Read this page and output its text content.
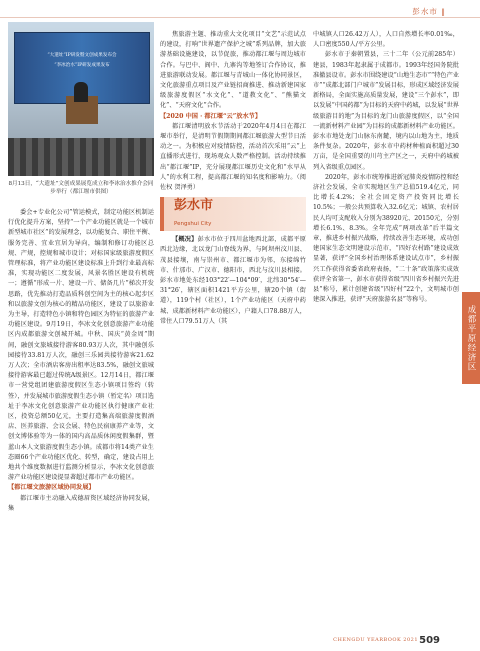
彭水市 ‖
成都平原经济区
“大遗址”IP研发暨文创成果发布会
“李冰治水”IP研发成果发布
8月13日，“大遗址”文创成果展览成立和李冰治水推介会同步举行（都江堰市供图）

委会+专业化公司”管运模式，制定功能区机制运行优化提升方案，坚持“一个产业功能区就是一个城市新型城市社区”的发展理念，以功能复合、职住平衡、服务完善、宜业宜居为导向，编制和修订功能区总规、产规，控规和城市设计；对标国家级旅游度假区管理标准，将产业功能区建设标准上升到行业最高标准，实现功能区二度发展，风景名胜区建设有机统一；遵循“形成一片、建设一片、储备几片”梯次开发思路，优先推动打造品质科创空间为主的核心起步区和以旅游文创为核心的精品功能区，建设了以旅游业为主导，打造特色小镇和特色园区为特征的旅游产业功能区建设。9月19日，李冰文化创意旅游产业功能区内成都旅游文创城开城。中秋、国庆“黄金周”期间，融创文旅城接待游客80.93万人次，其中融创乐园接待33.81万人次，融创三乐园共接待游客21.62万人次；全市酒店客房出租率达83.5%，融创文旅城接待游客最已超过传统A级景区。12月14日，都江堰市一营党组团建旅游度假区生态小镇项目签约（转签），并发展城市旅游度假生态小镇（暂定名）项目选址于李冰文化创意旅游产业功能区执行健康产业社区，投资总额50亿元，主要打造集高端旅游度假酒店、医养旅游、会议会展、特色民宿康养产业等，文创文博体验等为一体的国内高品质休闲度假集群，暨蓝山本人文旅游度假生态小镇。成都市将14类产业生态圈66个产业功能区优化、转型，确定，建设占用上地共个维度数据进行监测分析显示，李冰文化创意旅游产业功能区建设提显著超过都市产业功能区。

【都江堰文旅游区域协同发展】

都江堰市主动融入成德眉资区域经济协同发展，集

焦旅游主题、推动重大文化项目“文艺”示范试点的建设，打响“世界遗产保护之城”系列品牌，加大旅游基础设施建设，以节促旅，推动都江堰与周边城市合作。与巴中、阆中、九寨沟等地签订合作协议，推进旅游联动发展。都江堰与青城山一体化协同景区，文化旅游重点项目及产业链招商推进、推动新建国家级旅游度假区“水文化”、“道教文化”、“熊猫文化”、“天府文化”合作。

【2020 中国 · 都江堰“云”放水节】

都江堰清明放水节活动于2020年4月4日在都江堰市举行，是清明节假期期间都江堰旅游大型节日活动之一。为积极应对疫情防控，活动首次采用“云”上直播形式进行，现场观众人数严格控制。活动持续推出“都江堰”IP，充分展现都江堰历史文化和“水旱从人”的水利工程，提高都江堰的知名度和影响力。（阅佐权 贺泽勇）

彭水市
Pengshui City

【概况】彭水市位于四川盆地西北部，成都平原西北边缘，北以龙门山脊线为界，与阿坝州汶川县、茂县接壤，南与崇州市、都江堰市为邻，东接绵竹市、什邡市、广汉市、德阳市，西北与汶川县相接。彭水市地处东经103°22′—104°09′，北纬30°54′—31°26′，辖区面积1421平方公里，辖20个镇（街道），119个村（社区），1个产业功能区（天府中药城、成都新材料产业功能区），户籍人口78.88万人，常住人口79.51万人（其

中城镇人口26.42万人），人口自然增长率0.01‰，人口密度550人/平方公里。

彭水市于秦朝置县，三十二年（公元前285年）建县，1983年起隶属于成都市。1993年经国务院批准撤县设市。彭水市围绕建设“山地生态市”“特色产业市”“成都北部门户城市”发展目标，形成区域经济发展新格局，全面实施高质量发展，建设“三个彭水”，即以发展“中国药都”为目标的天府中药城，以发展“世界级旅游目的地”为目标的龙门山旅游度假区，以“全国一流新材料产业园”为目标的成都新材料产业功能区。彭水市地处龙门山脉东南麓，境内以山地为主，地质条件复杂。2020年，彭水市中药材种植面积超过30万亩，是全国重要的川芎主产区之一，天府中药城被列入省级重点园区。

2020年，彭水市统筹推进新冠肺炎疫情防控和经济社会发展，全市实现地区生产总值519.4亿元，同比增长4.2%；全社会固定资产投资同比增长10.5%；一般公共预算收入32.6亿元；城镇、农村居民人均可支配收入分别为38920元、20150元，分别增长6.1%、8.3%。全年完成“两项改革”后半篇文章，推进乡村振兴战略，持续改善生态环境，成功创建国家生态文明建设示范市，“四好农村路”建设成效显著，获评“全国乡村治理体系建设试点市”，乡村振兴工作获得省委省政府表扬，“二十条”政策落实成效获评全省第一，彭水市获得省级“四川省乡村振兴先进县”称号，累计创建省级“四好村”22个，文明城市创建深入推进，获评“天府旅游名县”等称号。

CHENGDU YEARBOOK 2021 509
